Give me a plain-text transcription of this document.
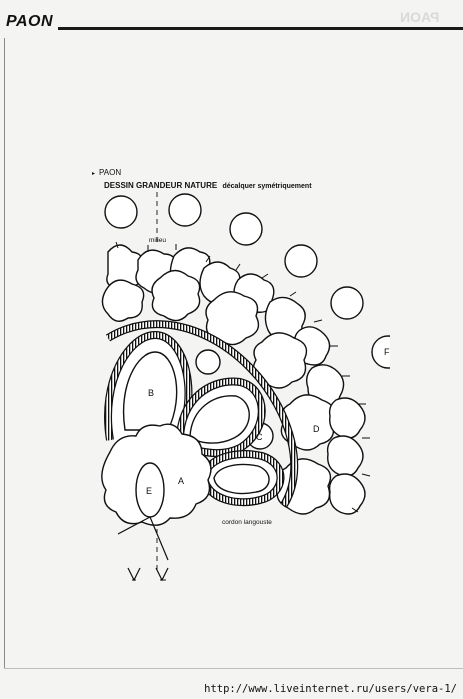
PAON	PAON
▸ PAON
DESSIN GRANDEUR NATURE décalquer symétriquement
milieu
B
C
D
A
E
F
cordon langouste
http://www.liveinternet.ru/users/vera-1/
